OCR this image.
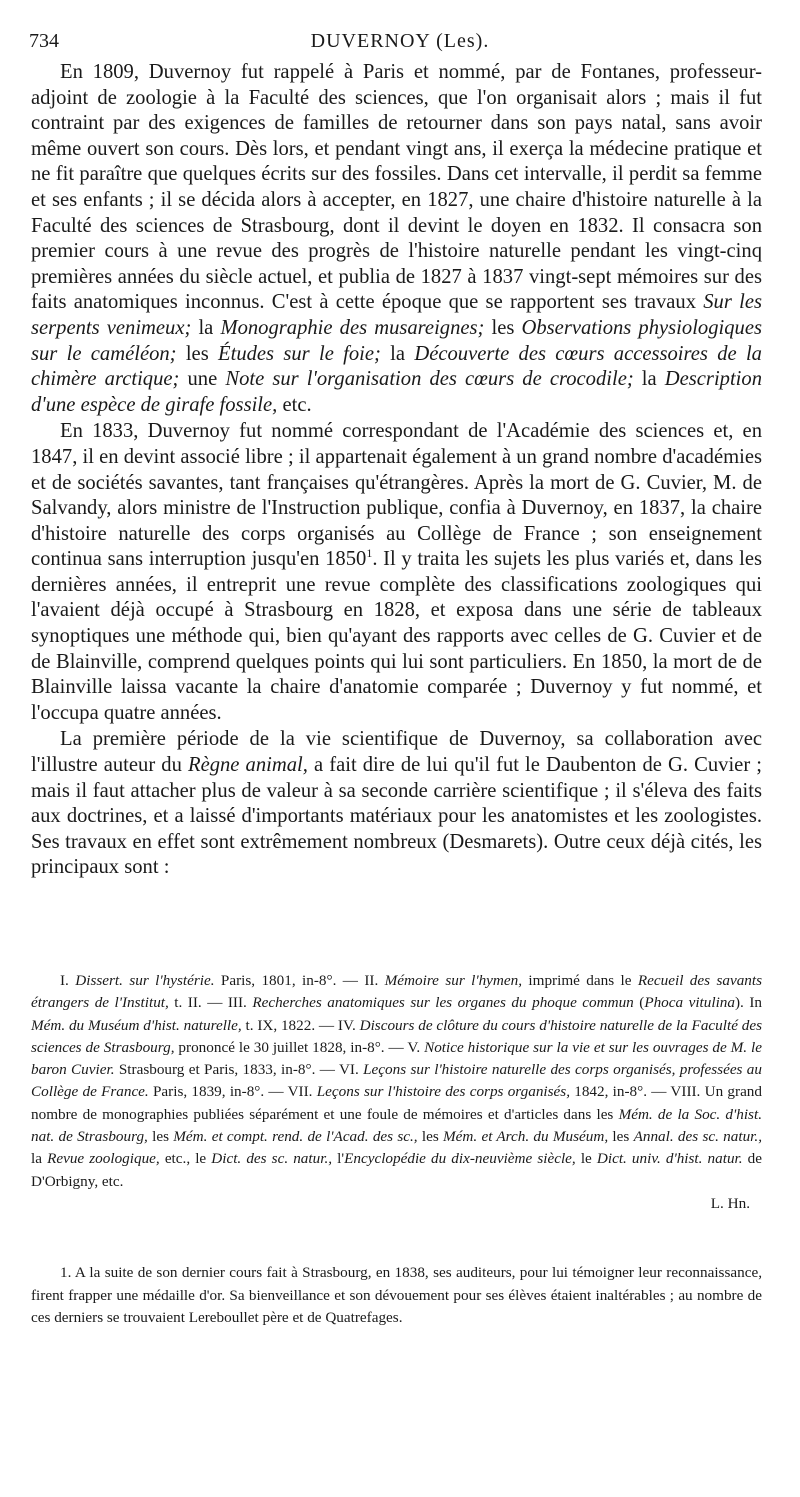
734	DUVERNOY (Les).

En 1809, Duvernoy fut rappelé à Paris et nommé, par de Fontanes, professeur-adjoint de zoologie à la Faculté des sciences, que l'on organisait alors ; mais il fut contraint par des exigences de familles de retourner dans son pays natal, sans avoir même ouvert son cours. Dès lors, et pendant vingt ans, il exerça la médecine pratique et ne fit paraître que quelques écrits sur des fossiles. Dans cet intervalle, il perdit sa femme et ses enfants ; il se décida alors à accepter, en 1827, une chaire d'histoire naturelle à la Faculté des sciences de Strasbourg, dont il devint le doyen en 1832. Il consacra son premier cours à une revue des progrès de l'histoire naturelle pendant les vingt-cinq premières années du siècle actuel, et publia de 1827 à 1837 vingt-sept mémoires sur des faits anatomiques inconnus. C'est à cette époque que se rapportent ses travaux Sur les serpents venimeux; la Monographie des musareignes; les Observations physiologiques sur le caméléon; les Études sur le foie; la Découverte des cœurs accessoires de la chimère arctique; une Note sur l'organisation des cœurs de crocodile; la Description d'une espèce de girafe fossile, etc.

En 1833, Duvernoy fut nommé correspondant de l'Académie des sciences et, en 1847, il en devint associé libre ; il appartenait également à un grand nombre d'académies et de sociétés savantes, tant françaises qu'étrangères. Après la mort de G. Cuvier, M. de Salvandy, alors ministre de l'Instruction publique, confia à Duvernoy, en 1837, la chaire d'histoire naturelle des corps organisés au Collège de France ; son enseignement continua sans interruption jusqu'en 1850$^1$. Il y traita les sujets les plus variés et, dans les dernières années, il entreprit une revue complète des classifications zoologiques qui l'avaient déjà occupé à Strasbourg en 1828, et exposa dans une série de tableaux synoptiques une méthode qui, bien qu'ayant des rapports avec celles de G. Cuvier et de de Blainville, comprend quelques points qui lui sont particuliers. En 1850, la mort de de Blainville laissa vacante la chaire d'anatomie comparée ; Duvernoy y fut nommé, et l'occupa quatre années.

La première période de la vie scientifique de Duvernoy, sa collaboration avec l'illustre auteur du Règne animal, a fait dire de lui qu'il fut le Daubenton de G. Cuvier ; mais il faut attacher plus de valeur à sa seconde carrière scientifique ; il s'éleva des faits aux doctrines, et a laissé d'importants matériaux pour les anatomistes et les zoologistes. Ses travaux en effet sont extrêmement nombreux (Desmarets). Outre ceux déjà cités, les principaux sont :

I. Dissert. sur l'hystérie. Paris, 1801, in-8°. — II. Mémoire sur l'hymen, imprimé dans le Recueil des savants étrangers de l'Institut, t. II. — III. Recherches anatomiques sur les organes du phoque commun (Phoca vitulina). In Mém. du Muséum d'hist. naturelle, t. IX, 1822. — IV. Discours de clôture du cours d'histoire naturelle de la Faculté des sciences de Strasbourg, prononcé le 30 juillet 1828, in-8°. — V. Notice historique sur la vie et sur les ouvrages de M. le baron Cuvier. Strasbourg et Paris, 1833, in-8°. — VI. Leçons sur l'histoire naturelle des corps organisés, professées au Collège de France. Paris, 1839, in-8°. — VII. Leçons sur l'histoire des corps organisés, 1842, in-8°. — VIII. Un grand nombre de monographies publiées séparément et une foule de mémoires et d'articles dans les Mém. de la Soc. d'hist. nat. de Strasbourg, les Mém. et compt. rend. de l'Acad. des sc., les Mém. et Arch. du Muséum, les Annal. des sc. natur., la Revue zoologique, etc., le Dict. des sc. natur., l'Encyclopédie du dix-neuvième siècle, le Dict. univ. d'hist. natur. de D'Orbigny, etc.

L. Hn.

1. A la suite de son dernier cours fait à Strasbourg, en 1838, ses auditeurs, pour lui témoigner leur reconnaissance, firent frapper une médaille d'or. Sa bienveillance et son dévouement pour ses élèves étaient inaltérables ; au nombre de ces derniers se trouvaient Lereboullet père et de Quatrefages.
